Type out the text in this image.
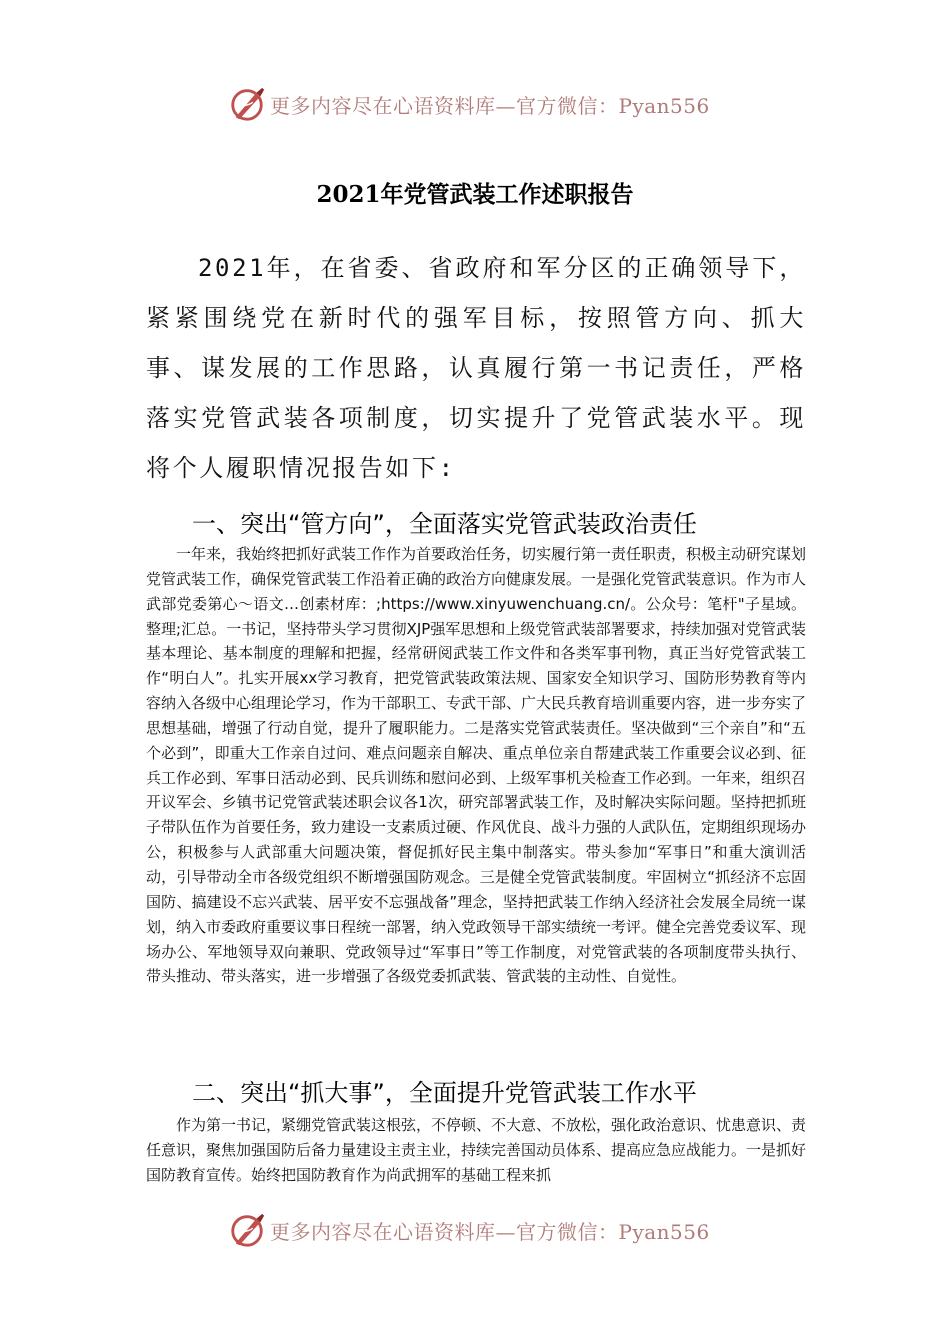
更多内容尽在心语资料库—官方微信：Pyan556
2021年党管武装工作述职报告

2021年，在省委、省政府和军分区的正确领导下，紧紧围绕党在新时代的强军目标，按照管方向、抓大事、谋发展的工作思路，认真履行第一书记责任，严格落实党管武装各项制度，切实提升了党管武装水平。现将个人履职情况报告如下:

一、突出“管方向”，全面落实党管武装政治责任

一年来，我始终把抓好武装工作作为首要政治任务，切实履行第一责任职责，积极主动研究谋划党管武装工作，确保党管武装工作沿着正确的政治方向健康发展。一是强化党管武装意识。作为市人武部党委第心～语文…创素材库：;https://www.xinyuwenchuang.cn/。公众号：笔杆"子星域。整理;汇总。一书记，坚持带头学习贯彻XJP强军思想和上级党管武装部署要求，持续加强对党管武装基本理论、基本制度的理解和把握，经常研阅武装工作文件和各类军事刊物，真正当好党管武装工作“明白人”。扎实开展xx学习教育，把党管武装政策法规、国家安全知识学习、国防形势教育等内容纳入各级中心组理论学习，作为干部职工、专武干部、广大民兵教育培训重要内容，进一步夯实了思想基础，增强了行动自觉，提升了履职能力。二是落实党管武装责任。坚决做到“三个亲自”和“五个必到”，即重大工作亲自过问、难点问题亲自解决、重点单位亲自帮建武装工作重要会议必到、征兵工作必到、军事日活动必到、民兵训练和慰问必到、上级军事机关检查工作必到。一年来，组织召开议军会、乡镇书记党管武装述职会议各1次，研究部署武装工作，及时解决实际问题。坚持把抓班子带队伍作为首要任务，致力建设一支素质过硬、作风优良、战斗力强的人武队伍，定期组织现场办公，积极参与人武部重大问题决策，督促抓好民主集中制落实。带头参加“军事日”和重大演训活动，引导带动全市各级党组织不断增强国防观念。三是健全党管武装制度。牢固树立“抓经济不忘固国防、搞建设不忘兴武装、居平安不忘强战备”理念，坚持把武装工作纳入经济社会发展全局统一谋划，纳入市委政府重要议事日程统一部署，纳入党政领导干部实绩统一考评。健全完善党委议军、现场办公、军地领导双向兼职、党政领导过“军事日”等工作制度，对党管武装的各项制度带头执行、带头推动、带头落实，进一步增强了各级党委抓武装、管武装的主动性、自觉性。

二、突出“抓大事”，全面提升党管武装工作水平

作为第一书记，紧绷党管武装这根弦，不停顿、不大意、不放松，强化政治意识、忧患意识、责任意识，聚焦加强国防后备力量建设主责主业，持续完善国动员体系、提高应急应战能力。一是抓好国防教育宣传。始终把国防教育作为尚武拥军的基础工程来抓

更多内容尽在心语资料库—官方微信：Pyan556
